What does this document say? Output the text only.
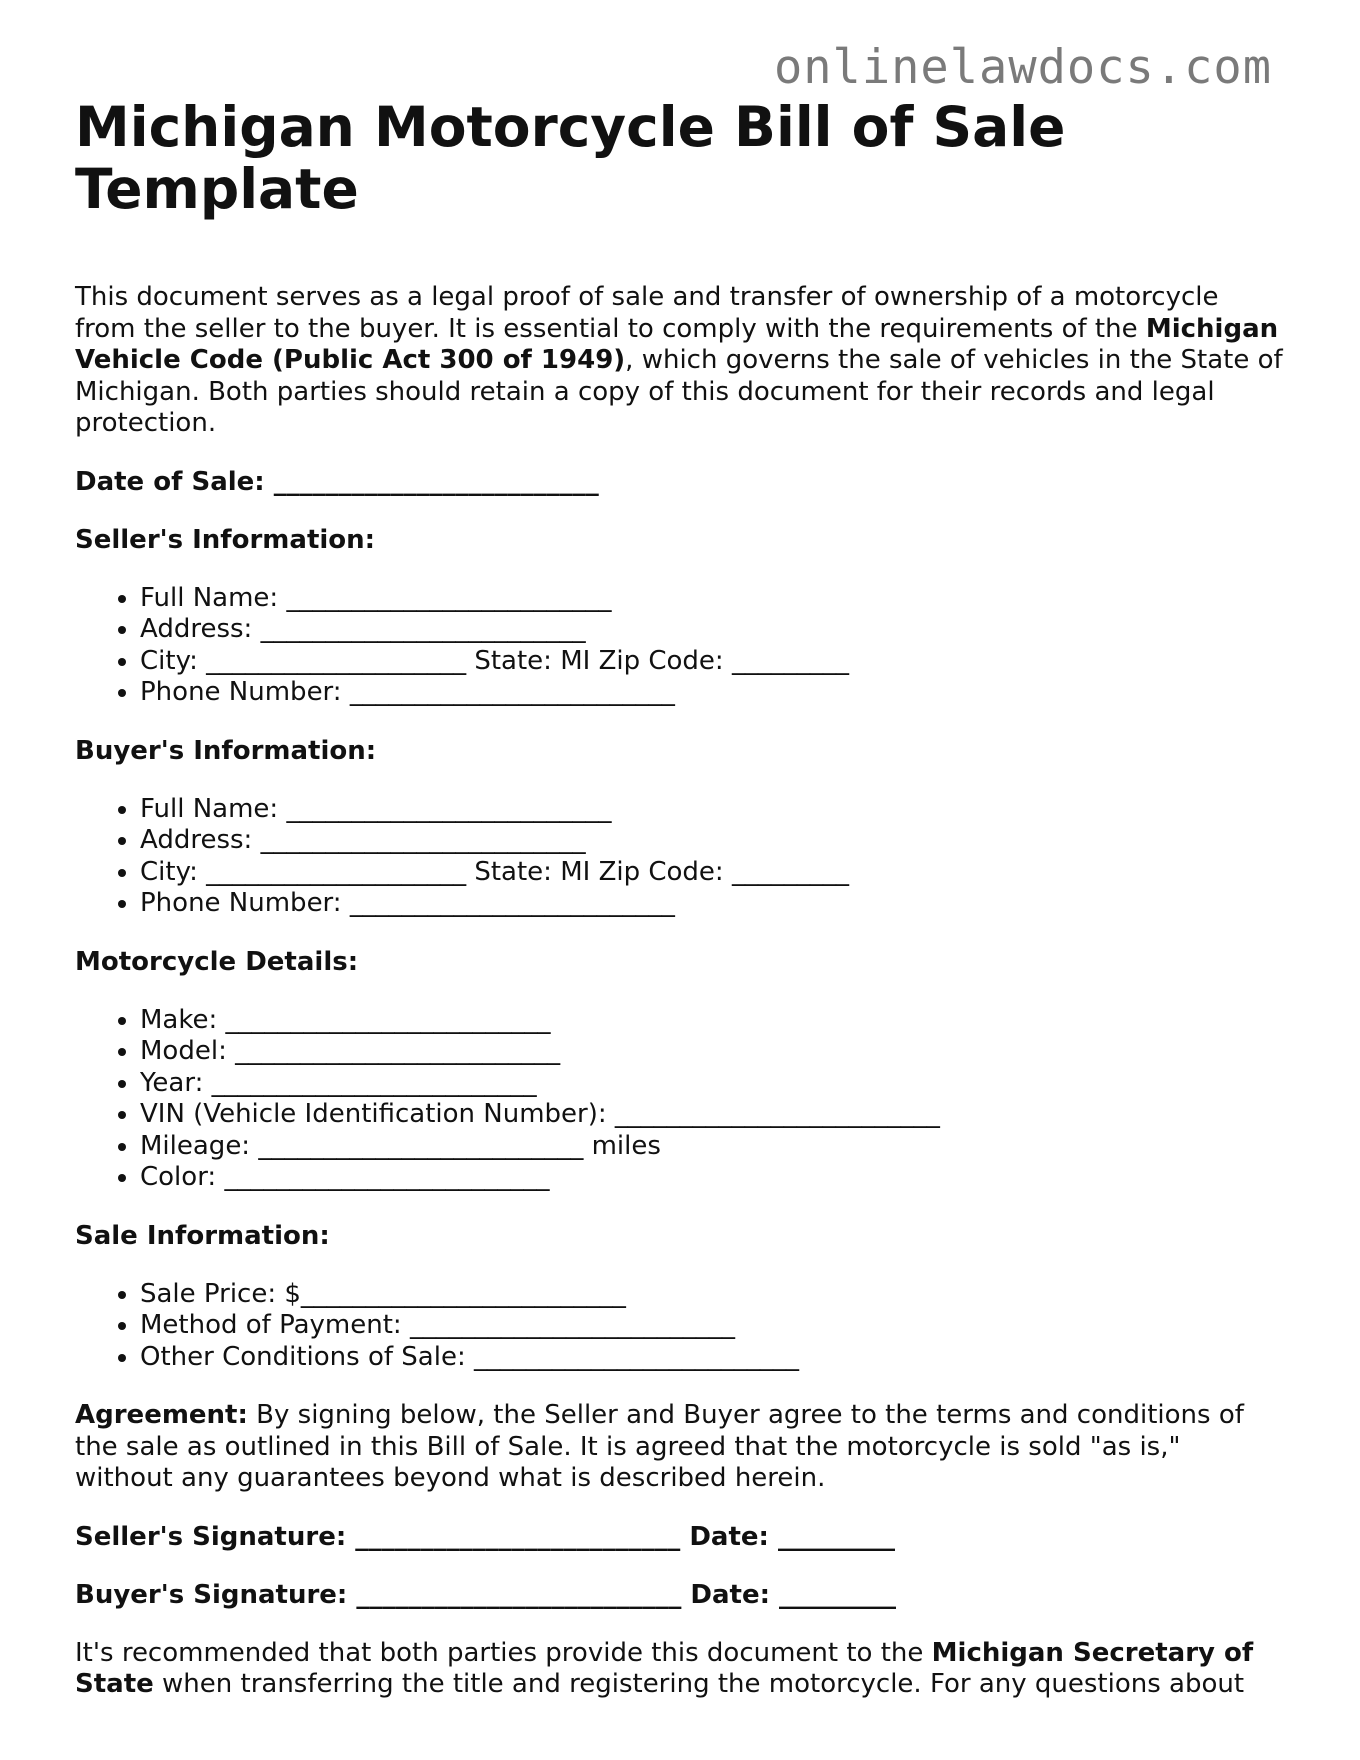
onlinelawdocs.com
Michigan Motorcycle Bill of Sale Template

This document serves as a legal proof of sale and transfer of ownership of a motorcycle from the seller to the buyer. It is essential to comply with the requirements of the Michigan Vehicle Code (Public Act 300 of 1949), which governs the sale of vehicles in the State of Michigan. Both parties should retain a copy of this document for their records and legal protection.

Date of Sale: _________________________

Seller's Information:

• Full Name: _________________________
• Address: _________________________
• City: ____________________ State: MI Zip Code: _________
• Phone Number: _________________________

Buyer's Information:

• Full Name: _________________________
• Address: _________________________
• City: ____________________ State: MI Zip Code: _________
• Phone Number: _________________________

Motorcycle Details:

• Make: _________________________
• Model: _________________________
• Year: _________________________
• VIN (Vehicle Identification Number): _________________________
• Mileage: _________________________ miles
• Color: _________________________

Sale Information:

• Sale Price: $_________________________
• Method of Payment: _________________________
• Other Conditions of Sale: _________________________

Agreement: By signing below, the Seller and Buyer agree to the terms and conditions of the sale as outlined in this Bill of Sale. It is agreed that the motorcycle is sold "as is," without any guarantees beyond what is described herein.

Seller's Signature: _________________________ Date: _________

Buyer's Signature: _________________________ Date: _________

It's recommended that both parties provide this document to the Michigan Secretary of State when transferring the title and registering the motorcycle. For any questions about
